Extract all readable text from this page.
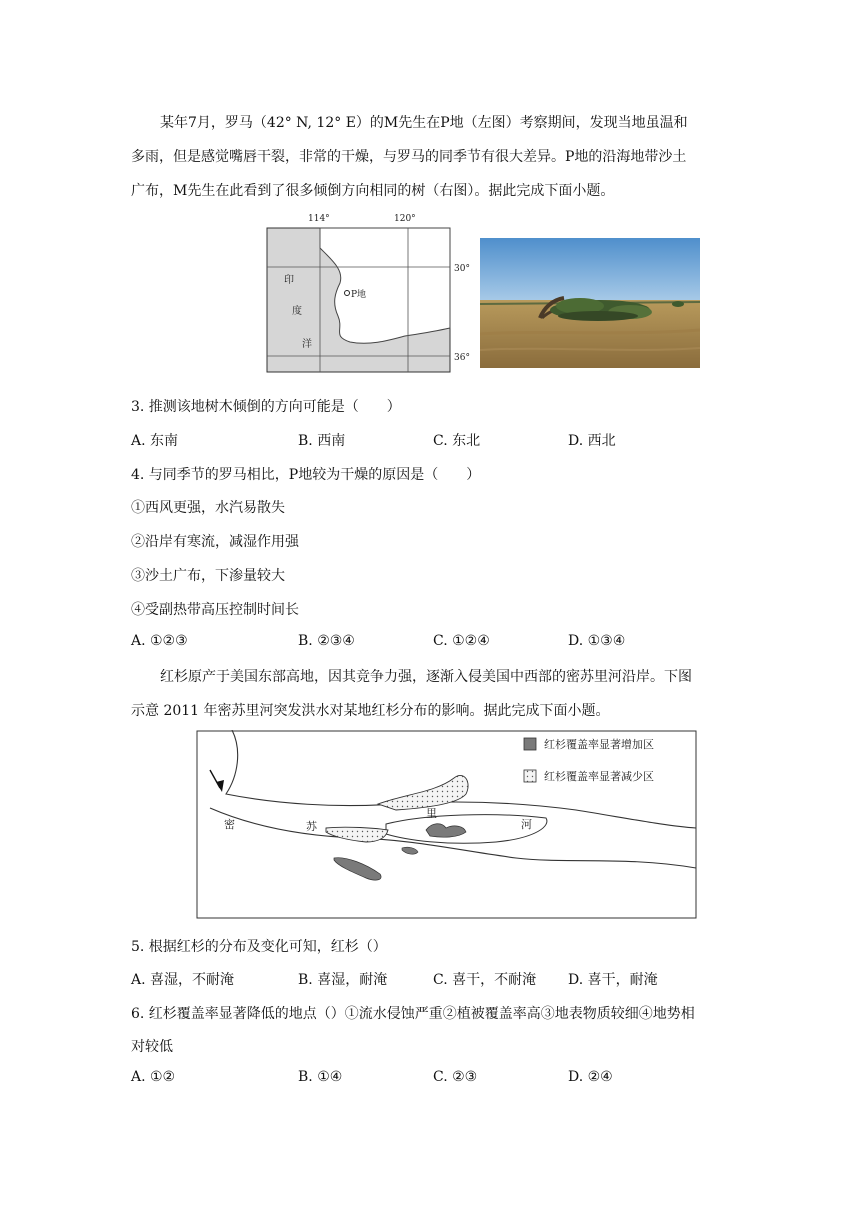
某年7月，罗马（42° N, 12° E）的M先生在P地（左图）考察期间，发现当地虽温和
多雨，但是感觉嘴唇干裂，非常的干燥，与罗马的同季节有很大差异。P地的沿海地带沙土
广布，M先生在此看到了很多倾倒方向相同的树（右图）。据此完成下面小题。
114°	120°
30°
36°
印
度
洋
P地
3. 推测该地树木倾倒的方向可能是（　　）
A. 东南	B. 西南	C. 东北	D. 西北
4. 与同季节的罗马相比，P地较为干燥的原因是（　　）
①西风更强，水汽易散失
②沿岸有寒流，减湿作用强
③沙土广布，下渗量较大
④受副热带高压控制时间长
A. ①②③	B. ②③④	C. ①②④	D. ①③④
红杉原产于美国东部高地，因其竞争力强，逐渐入侵美国中西部的密苏里河沿岸。下图
示意 2011 年密苏里河突发洪水对某地红杉分布的影响。据此完成下面小题。
密	苏
里
河
红杉覆盖率显著增加区
红杉覆盖率显著减少区
5. 根据红杉的分布及变化可知，红杉（）
A. 喜湿，不耐淹	B. 喜湿，耐淹	C. 喜干，不耐淹 D. 喜干，耐淹
6. 红杉覆盖率显著降低的地点（）①流水侵蚀严重②植被覆盖率高③地表物质较细④地势相
对较低
A. ①②	B. ①④	C. ②③	D. ②④
